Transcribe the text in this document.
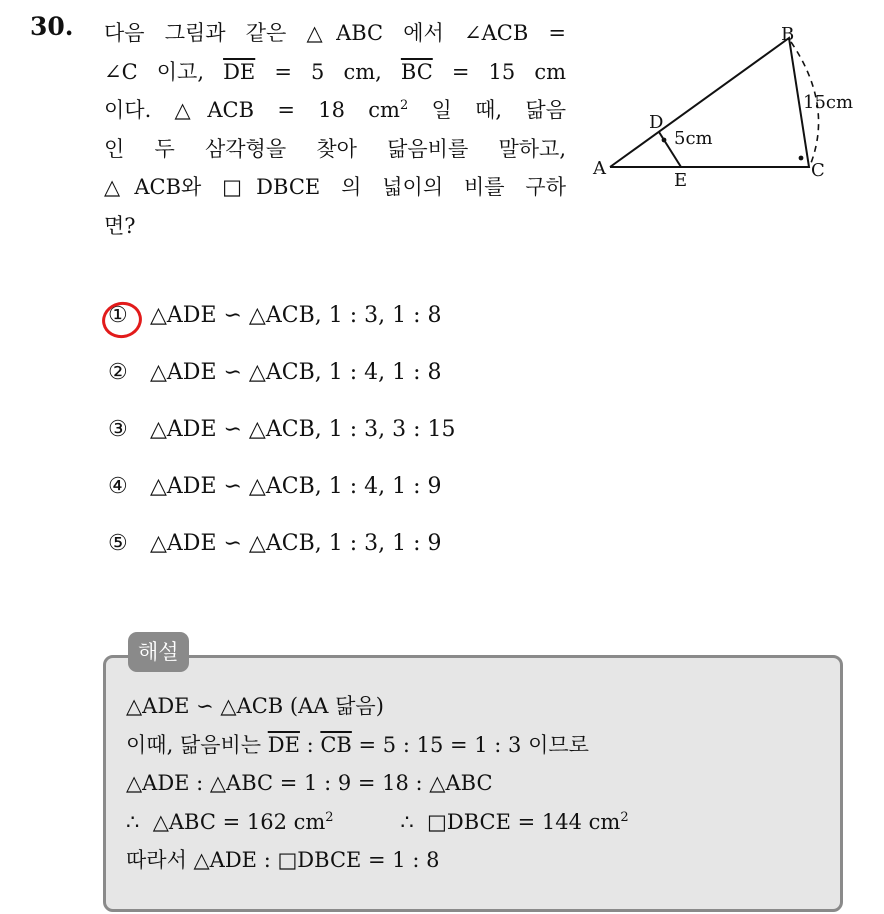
30. 다음 그림과 같은 △ABC 에서 ∠ACB =
∠C 이고, $\overline{DE} = 5$ cm, $\overline{BC} = 15$ cm
이다. △ACB = 18 $cm^2$ 일 때, 닮음
인 두 삼각형을 찾아 닮음비를 말하고,
△ACB와 □DBCE 의 넓이의 비를 구하
면?
A
B
C
D
E
5cm
15cm
①	△ADE ∽ △ACB, 1 : 3, 1 : 8
②	△ADE ∽ △ACB, 1 : 4, 1 : 8
③	△ADE ∽ △ACB, 1 : 3, 3 : 15
④	△ADE ∽ △ACB, 1 : 4, 1 : 9
⑤	△ADE ∽ △ACB, 1 : 3, 1 : 9
해설
△ADE ∽ △ACB (AA 닮음)
이때, 닮음비는 $\overline{DE}$ : $\overline{CB} = 5$ : 15 = 1 : 3 이므로
△ADE : △ABC = 1 : 9 = 18 : △ABC
∴  △ABC = 162 $cm^2$          ∴  □DBCE = 144 $cm^2$
따라서 △ADE : □DBCE = 1 : 8
